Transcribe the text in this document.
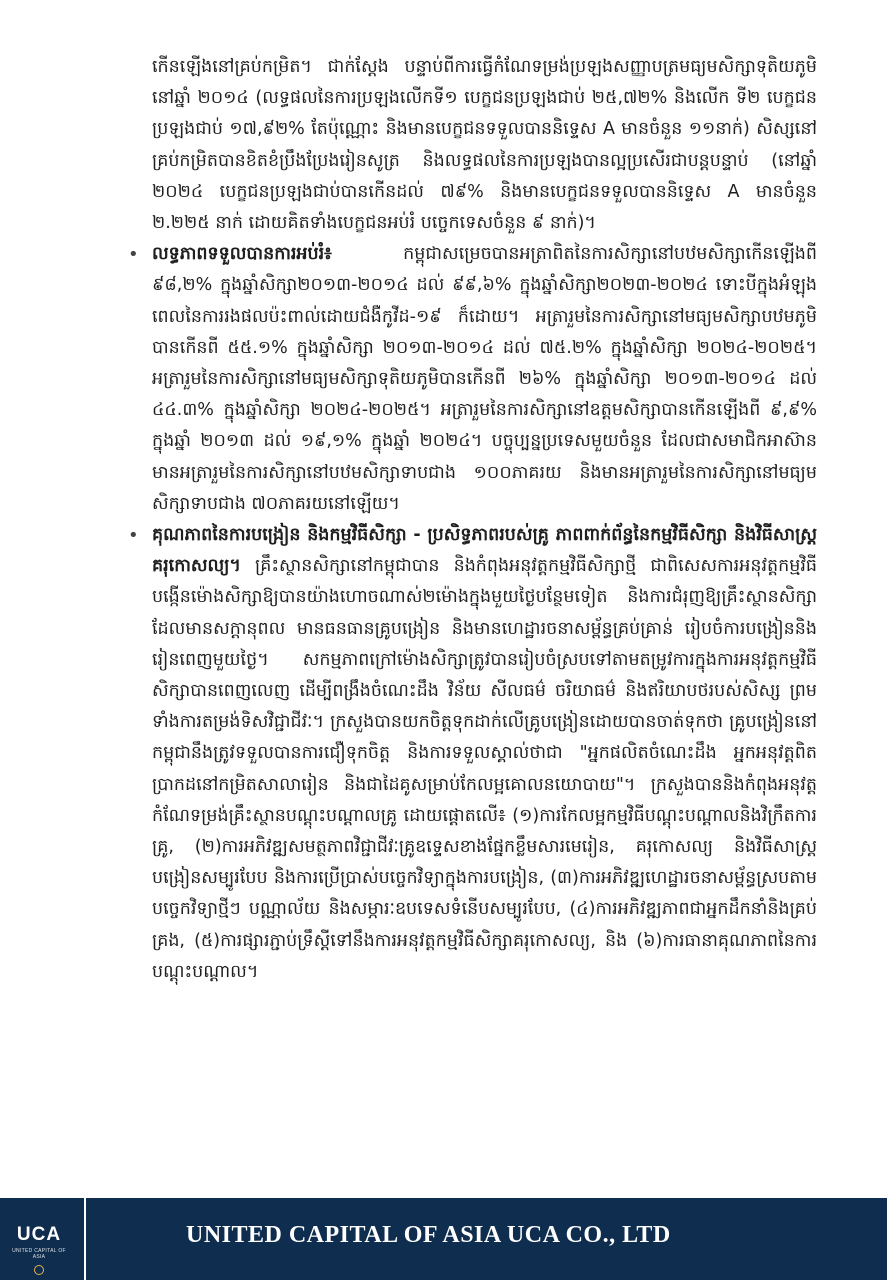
កើនឡើងនៅគ្រប់កម្រិត។ ជាក់ស្តែង បន្ទាប់ពីការធ្វើកំណែទម្រង់ប្រឡងសញ្ញាបត្រមធ្យមសិក្សាទុតិយភូមិនៅឆ្នាំ ២០១៤ (លទ្ធផលនៃការប្រឡងលើកទី១ បេក្ខជនប្រឡងជាប់ ២៥,៧២% និងលើក ទី២ បេក្ខជនប្រឡងជាប់ ១៧,៩២% តែប៉ុណ្ណោះ និងមានបេក្ខជនទទួលបាននិទ្ទេស A មានចំនួន ១១នាក់) សិស្សនៅគ្រប់កម្រិតបានខិតខំប្រឹងប្រែងរៀនសូត្រ និងលទ្ធផលនៃការប្រឡងបានល្អប្រសើរជាបន្តបន្ទាប់ (នៅឆ្នាំ ២០២៤ បេក្ខជនប្រឡងជាប់បានកើនដល់ ៧៩% និងមានបេក្ខជនទទួលបាននិទ្ទេស A មានចំនួន ២.២២៥ នាក់ ដោយគិតទាំងបេក្ខជនអប់រំ បច្ចេកទេសចំនួន ៩ នាក់)។

• លទ្ធភាពទទួលបានការអប់រំ៖ កម្ពុជាសម្រេចបានអត្រាពិតនៃការសិក្សានៅបឋមសិក្សាកើនឡើងពី ៩៨,២% ក្នុងឆ្នាំសិក្សា២០១៣-២០១៤ ដល់ ៩៩,៦% ក្នុងឆ្នាំសិក្សា២០២៣-២០២៤ ទោះបីក្នុងអំឡុងពេលនៃការរងផលប៉ះពាល់ដោយជំងឺកូវីដ-១៩ ក៏ដោយ។ អត្រារួមនៃការសិក្សានៅមធ្យមសិក្សាបឋមភូមិបានកើនពី ៥៥.១% ក្នុងឆ្នាំសិក្សា ២០១៣-២០១៤ ដល់ ៧៥.២% ក្នុងឆ្នាំសិក្សា ២០២៤-២០២៥។ អត្រារួមនៃការសិក្សានៅមធ្យមសិក្សាទុតិយភូមិបានកើនពី ២៦% ក្នុងឆ្នាំសិក្សា ២០១៣-២០១៤ ដល់ ៤៤.៣% ក្នុងឆ្នាំសិក្សា ២០២៤-២០២៥។ អត្រារួមនៃការសិក្សានៅឧត្តមសិក្សាបានកើនឡើងពី ៩,៩% ក្នុងឆ្នាំ ២០១៣ ដល់ ១៩,១% ក្នុងឆ្នាំ ២០២៤។ បច្ចុប្បន្នប្រទេសមួយចំនួន ដែលជាសមាជិកអាស៊ានមានអត្រារួមនៃការសិក្សានៅបឋមសិក្សាទាបជាង ១០០ភាគរយ និងមានអត្រារួមនៃការសិក្សានៅមធ្យមសិក្សាទាបជាង ៧០ភាគរយនៅឡើយ។
• គុណភាពនៃការបង្រៀន និងកម្មវិធីសិក្សា - ប្រសិទ្ធភាពរបស់គ្រូ ភាពពាក់ព័ន្ធនៃកម្មវិធីសិក្សា និងវិធីសាស្ត្រគរុកោសល្យ។ គ្រឹះស្ថានសិក្សានៅកម្ពុជាបាន និងកំពុងអនុវត្តកម្មវិធីសិក្សាថ្មី ជាពិសេសការអនុវត្តកម្មវិធីបង្កើនម៉ោងសិក្សាឱ្យបានយ៉ាងហោចណាស់២ម៉ោងក្នុងមួយថ្ងៃបន្ថែមទៀត និងការជំរុញឱ្យគ្រឹះស្ថានសិក្សា ដែលមានសក្តានុពល មានធនធានគ្រូបង្រៀន និងមានហេដ្ឋារចនាសម្ព័ន្ធគ្រប់គ្រាន់ រៀបចំការបង្រៀននិងរៀនពេញមួយថ្ងៃ។ សកម្មភាពក្រៅម៉ោងសិក្សាត្រូវបានរៀបចំស្របទៅតាមតម្រូវការក្នុងការអនុវត្តកម្មវិធីសិក្សាបានពេញលេញ ដើម្បីពង្រឹងចំណេះដឹង វិន័យ សីលធម៌ ចរិយាធម៌ និងឥរិយាបថរបស់សិស្ស ព្រមទាំងការតម្រង់ទិសវិជ្ជាជីវៈ។ ក្រសួងបានយកចិត្តទុកដាក់លើគ្រូបង្រៀនដោយបានចាត់ទុកថា គ្រូបង្រៀននៅកម្ពុជានឹងត្រូវទទួលបានការជឿទុកចិត្ត និងការទទួលស្គាល់ថាជា "អ្នកផលិតចំណេះដឹង អ្នកអនុវត្តពិតប្រាកដនៅកម្រិតសាលារៀន និងជាដៃគូសម្រាប់កែលម្អគោលនយោបាយ"។ ក្រសួងបាននិងកំពុងអនុវត្តកំណែទម្រង់គ្រឹះស្ថានបណ្តុះបណ្តាលគ្រូ ដោយផ្តោតលើ៖ (១)ការកែលម្អកម្មវិធីបណ្តុះបណ្តាលនិងវិក្រឹតការគ្រូ, (២)ការអភិវឌ្ឍសមត្ថភាពវិជ្ជាជីវៈគ្រូឧទ្ទេសខាងផ្នែកខ្លឹមសារមេរៀន, គរុកោសល្យ និងវិធីសាស្ត្របង្រៀនសម្បូរបែប និងការប្រើប្រាស់បច្ចេកវិទ្យាក្នុងការបង្រៀន, (៣)ការអភិវឌ្ឍហេដ្ឋារចនាសម្ព័ន្ធស្របតាមបច្ចេកវិទ្យាថ្មីៗ បណ្ណាល័យ និងសម្ភារៈឧបទេសទំនើបសម្បូរបែប, (៤)ការអភិវឌ្ឍភាពជាអ្នកដឹកនាំនិងគ្រប់គ្រង, (៥)ការផ្សារភ្ជាប់ទ្រឹស្តីទៅនឹងការអនុវត្តកម្មវិធីសិក្សាគរុកោសល្យ, និង (៦)ការធានាគុណភាពនៃការបណ្តុះបណ្តាល។
UCA
UNITED CAPITAL OF ASIA
UNITED CAPITAL OF ASIA UCA CO., LTD
